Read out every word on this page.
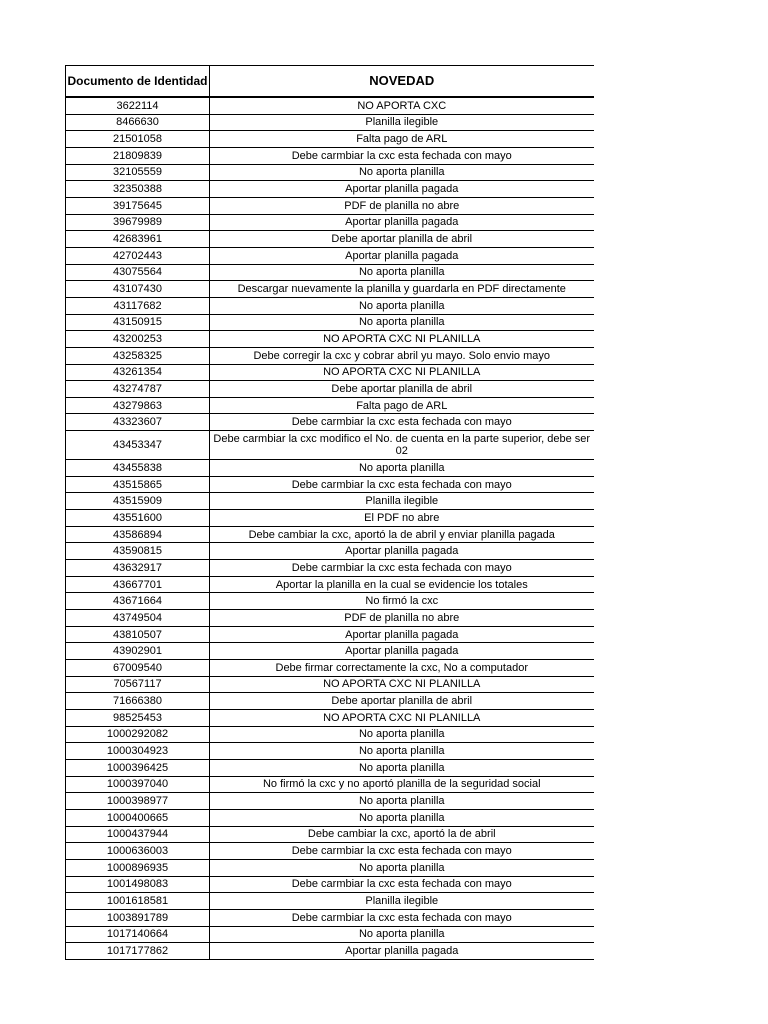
Documento de Identidad	NOVEDAD
3622114	NO APORTA CXC
8466630	Planilla ilegible
21501058	Falta pago de ARL
21809839	Debe carmbiar la cxc esta fechada con mayo
32105559	No aporta planilla
32350388	Aportar planilla pagada
39175645	PDF de planilla no abre
39679989	Aportar planilla pagada
42683961	Debe aportar planilla de abril
42702443	Aportar planilla pagada
43075564	No aporta planilla
43107430	Descargar nuevamente la planilla y guardarla en PDF directamente
43117682	No aporta planilla
43150915	No aporta planilla
43200253	NO APORTA CXC NI PLANILLA
43258325	Debe corregir la cxc y cobrar abril yu mayo. Solo envio mayo
43261354	NO APORTA CXC NI PLANILLA
43274787	Debe aportar planilla de abril
43279863	Falta pago de ARL
43323607	Debe carmbiar la cxc esta fechada con mayo
43453347	Debe carmbiar la cxc modifico el No. de cuenta en la parte superior, debe ser 02
43455838	No aporta planilla
43515865	Debe carmbiar la cxc esta fechada con mayo
43515909	Planilla ilegible
43551600	El PDF no abre
43586894	Debe cambiar la cxc, aportó la de abril y enviar planilla pagada
43590815	Aportar planilla pagada
43632917	Debe carmbiar la cxc esta fechada con mayo
43667701	Aportar la planilla en la cual se evidencie los totales
43671664	No firmó la cxc
43749504	PDF de planilla no abre
43810507	Aportar planilla pagada
43902901	Aportar planilla pagada
67009540	Debe firmar correctamente la cxc, No a computador
70567117	NO APORTA CXC NI PLANILLA
71666380	Debe aportar planilla de abril
98525453	NO APORTA CXC NI PLANILLA
1000292082	No aporta planilla
1000304923	No aporta planilla
1000396425	No aporta planilla
1000397040	No firmó la cxc y no aportó planilla de la seguridad social
1000398977	No aporta planilla
1000400665	No aporta planilla
1000437944	Debe cambiar la cxc, aportó la de abril
1000636003	Debe carmbiar la cxc esta fechada con mayo
1000896935	No aporta planilla
1001498083	Debe carmbiar la cxc esta fechada con mayo
1001618581	Planilla ilegible
1003891789	Debe carmbiar la cxc esta fechada con mayo
1017140664	No aporta planilla
1017177862	Aportar planilla pagada
